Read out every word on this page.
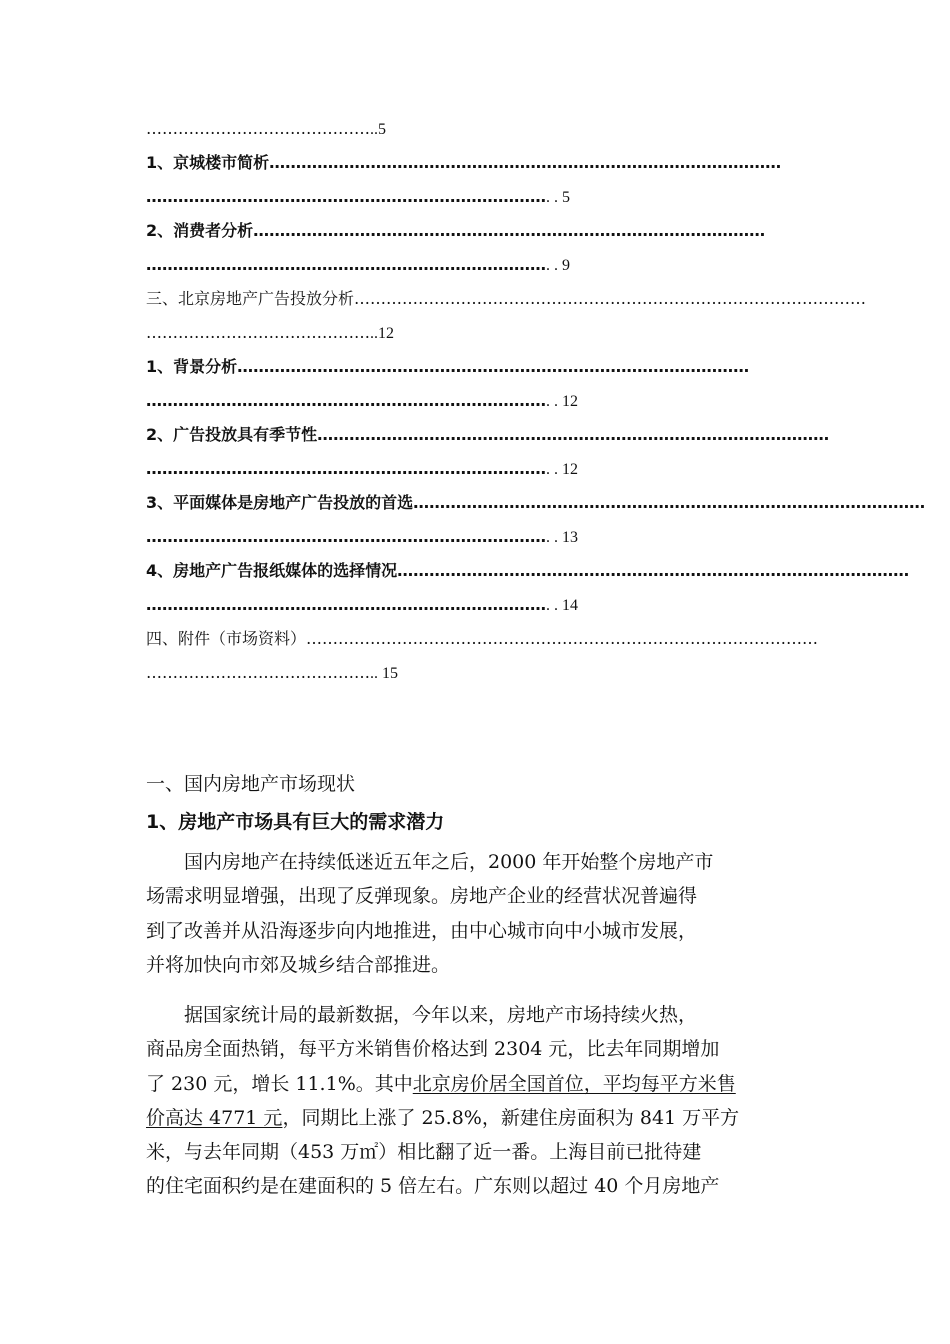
……………………………………..5
1、京城楼市简析……………………………………………………………………………………
…………………………………………………………………. . 5
2、消费者分析……………………………………………………………………………………
…………………………………………………………………. . 9
三、北京房地产广告投放分析……………………………………………………………………………………
……………………………………..12
1、背景分析……………………………………………………………………………………
…………………………………………………………………. . 12
2、广告投放具有季节性……………………………………………………………………………………
…………………………………………………………………. . 12
3、平面媒体是房地产广告投放的首选……………………………………………………………………………………
…………………………………………………………………. . 13
4、房地产广告报纸媒体的选择情况……………………………………………………………………………………
…………………………………………………………………. . 14
四、附件（市场资料）……………………………………………………………………………………
…………………………………….. 15
一、国内房地产市场现状
1、房地产市场具有巨大的需求潜力
国内房地产在持续低迷近五年之后，2000 年开始整个房地产市
场需求明显增强，出现了反弹现象。房地产企业的经营状况普遍得
到了改善并从沿海逐步向内地推进，由中心城市向中小城市发展，
并将加快向市郊及城乡结合部推进。
据国家统计局的最新数据，今年以来，房地产市场持续火热，
商品房全面热销，每平方米销售价格达到 2304 元，比去年同期增加
了 230 元，增长 11.1%。其中北京房价居全国首位，平均每平方米售
价高达 4771 元，同期比上涨了 25.8%，新建住房面积为 841 万平方
米，与去年同期（453 万㎡）相比翻了近一番。上海目前已批待建
的住宅面积约是在建面积的 5 倍左右。广东则以超过 40 个月房地产
